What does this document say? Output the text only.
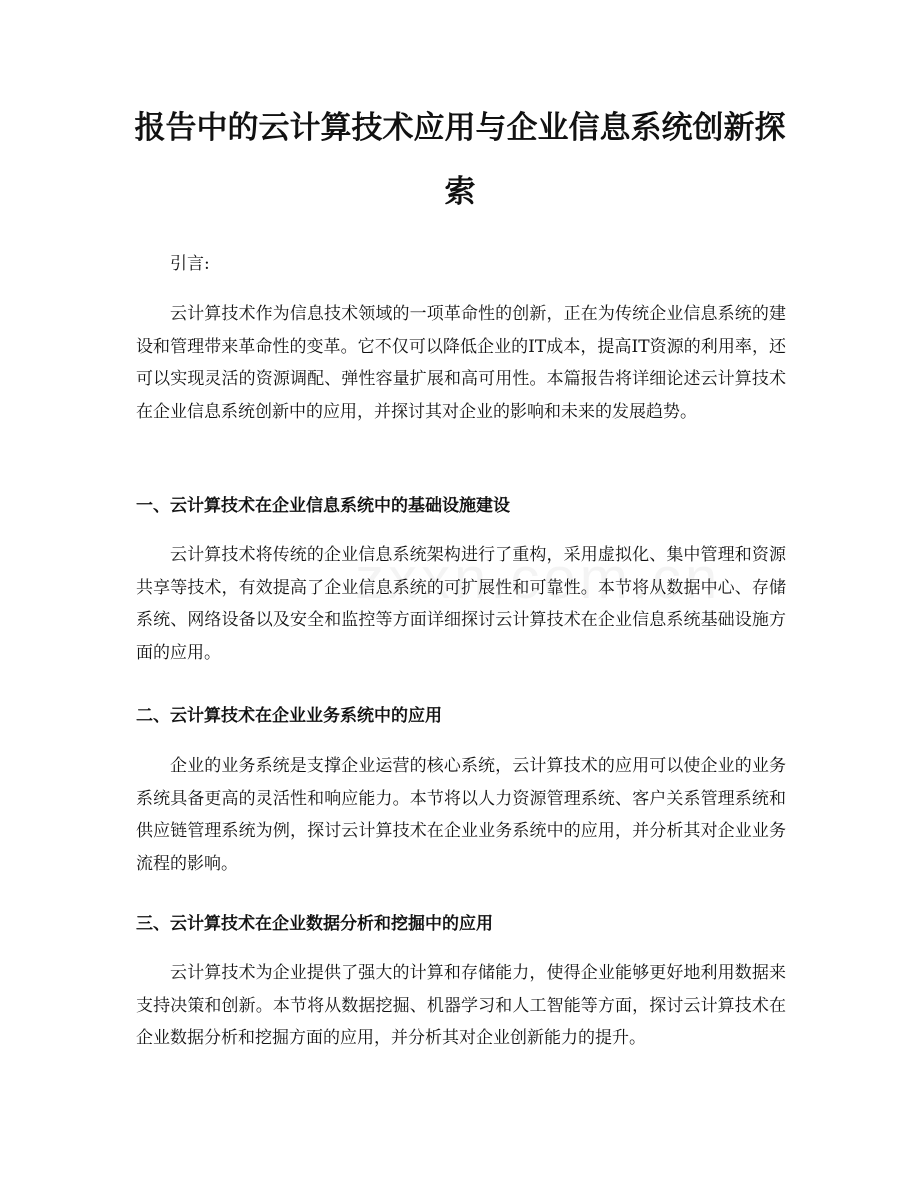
报告中的云计算技术应用与企业信息系统创新探索

引言:

云计算技术作为信息技术领域的一项革命性的创新，正在为传统企业信息系统的建设和管理带来革命性的变革。它不仅可以降低企业的IT成本，提高IT资源的利用率，还可以实现灵活的资源调配、弹性容量扩展和高可用性。本篇报告将详细论述云计算技术在企业信息系统创新中的应用，并探讨其对企业的影响和未来的发展趋势。

一、云计算技术在企业信息系统中的基础设施建设

云计算技术将传统的企业信息系统架构进行了重构，采用虚拟化、集中管理和资源共享等技术，有效提高了企业信息系统的可扩展性和可靠性。本节将从数据中心、存储系统、网络设备以及安全和监控等方面详细探讨云计算技术在企业信息系统基础设施方面的应用。

二、云计算技术在企业业务系统中的应用

企业的业务系统是支撑企业运营的核心系统，云计算技术的应用可以使企业的业务系统具备更高的灵活性和响应能力。本节将以人力资源管理系统、客户关系管理系统和供应链管理系统为例，探讨云计算技术在企业业务系统中的应用，并分析其对企业业务流程的影响。

三、云计算技术在企业数据分析和挖掘中的应用

云计算技术为企业提供了强大的计算和存储能力，使得企业能够更好地利用数据来支持决策和创新。本节将从数据挖掘、机器学习和人工智能等方面，探讨云计算技术在企业数据分析和挖掘方面的应用，并分析其对企业创新能力的提升。
